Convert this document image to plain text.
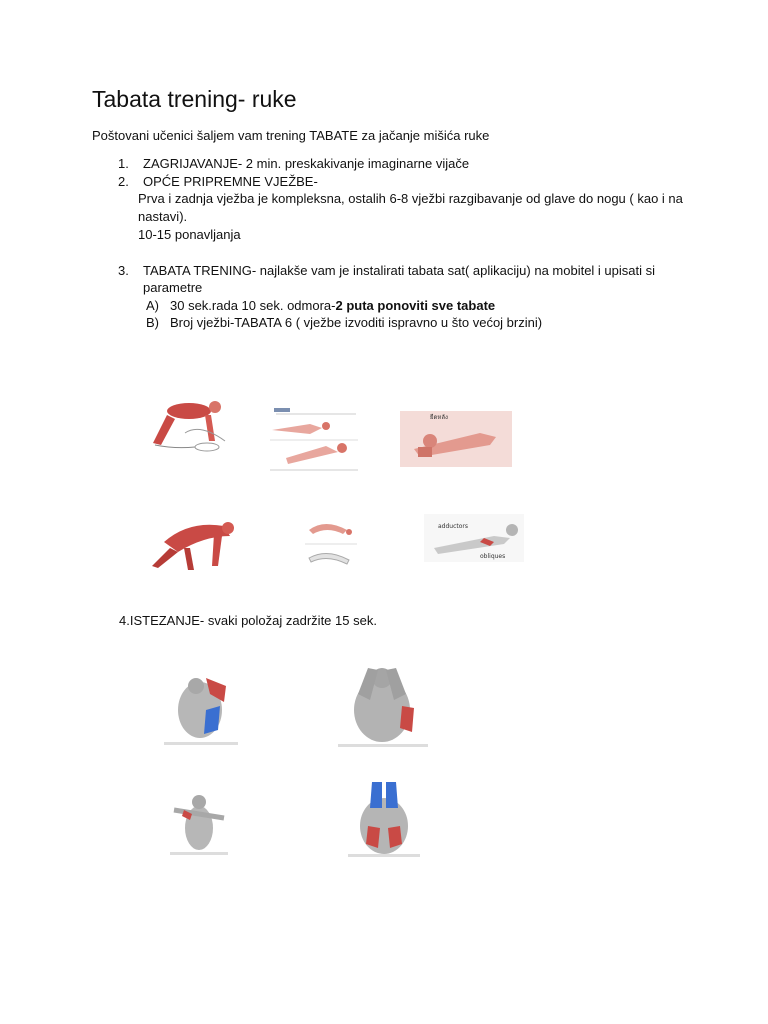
Tabata trening- ruke
Poštovani učenici šaljem vam trening TABATE za jačanje mišića ruke
1. ZAGRIJAVANJE- 2 min. preskakivanje imaginarne vijače
2. OPĆE PRIPREMNE VJEŽBE-
Prva i zadnja vježba je kompleksna, ostalih 6-8 vježbi razgibavanje od glave do nogu ( kao i na
nastavi).
10-15 ponavljanja
3. TABATA TRENING- najlakše vam je instalirati tabata sat( aplikaciju) na mobitel i upisati si
parametre
A) 30 sek.rada 10 sek. odmora-2 puta ponoviti sve tabate
B) Broj vježbi-TABATA 6 ( vježbe izvoditi ispravno u što većoj brzini)
ยืดหลัง
adductors
obliques
4.ISTEZANJE- svaki položaj zadržite 15 sek.
